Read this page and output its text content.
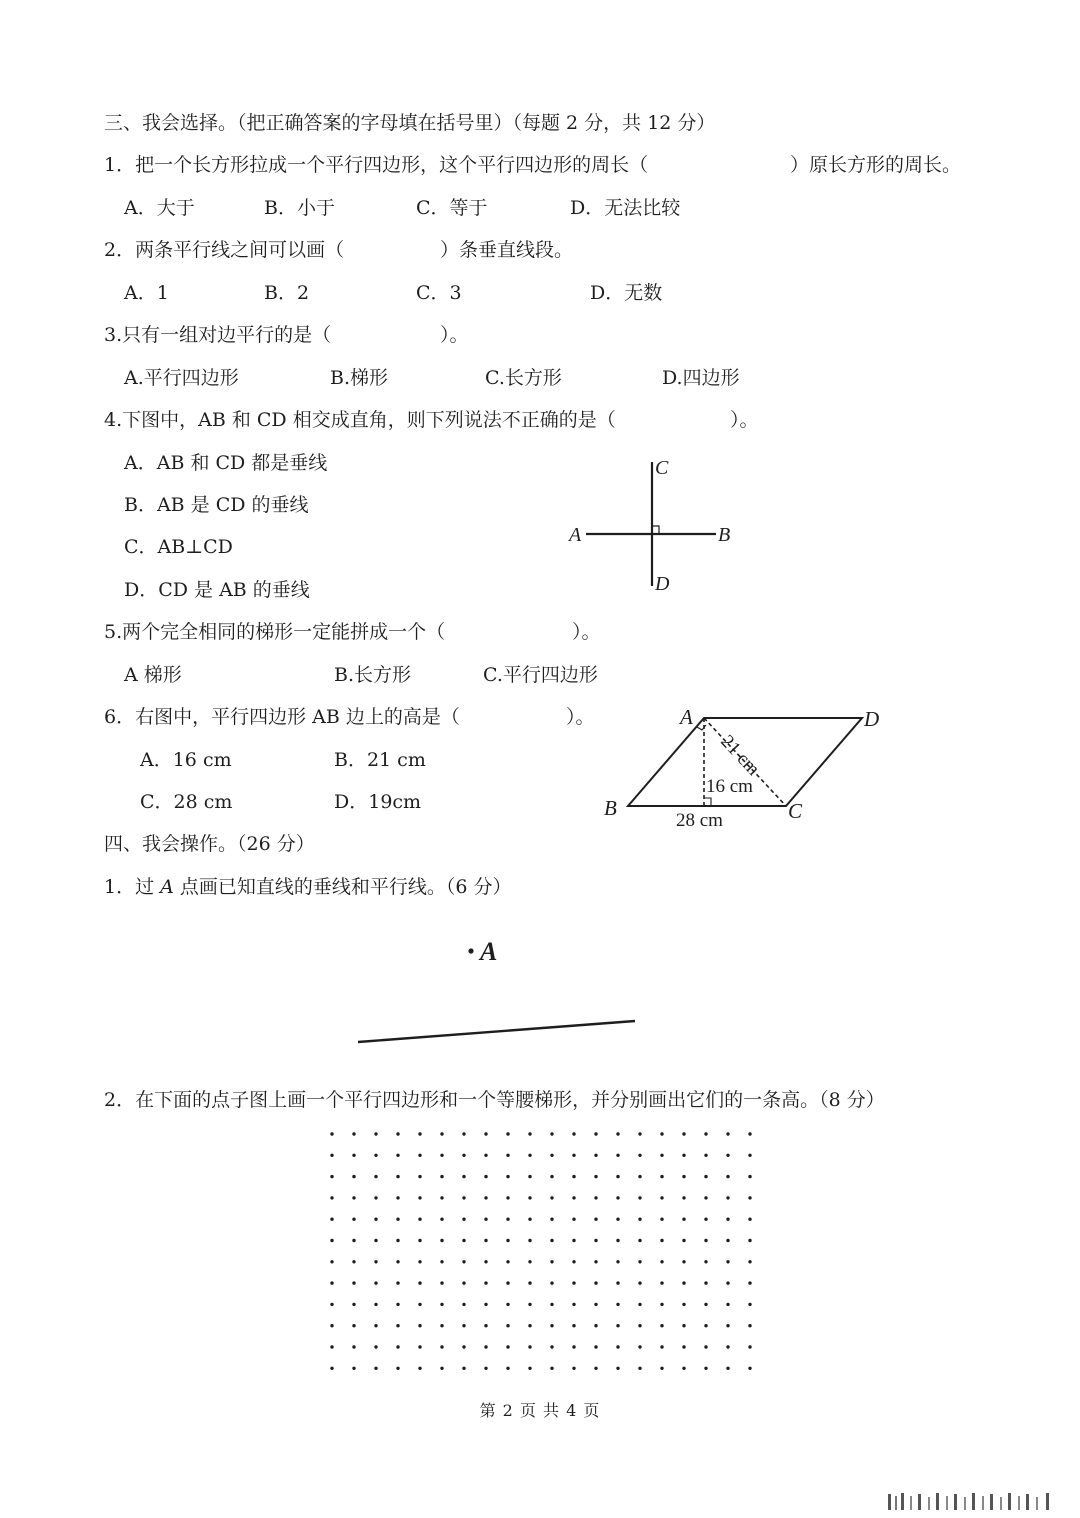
三、我会选择。（把正确答案的字母填在括号里）（每题 2 分，共 12 分）
1．把一个长方形拉成一个平行四边形，这个平行四边形的周长（	）原长方形的周长。
A．大于	B．小于	C．等于	D．无法比较
2．两条平行线之间可以画（	）条垂直线段。
A．1	B．2	C．3	D．无数
3.只有一组对边平行的是（	）。
A.平行四边形	B.梯形	C.长方形	D.四边形
4.下图中，AB 和 CD 相交成直角，则下列说法不正确的是（	）。
A．AB 和 CD 都是垂线
B．AB 是 CD 的垂线
C．AB⊥CD
D．CD 是 AB 的垂线
C
A	B
D
5.两个完全相同的梯形一定能拼成一个（	）。
A 梯形	B.长方形	C.平行四边形
6．右图中，平行四边形 AB 边上的高是（	）。
A．16 cm	B．21 cm
C．28 cm	D．19cm
A	D
B	C
21 cm
16 cm
28 cm
四、我会操作。（26 分）
1．过 A 点画已知直线的垂线和平行线。（6 分）
A
2．在下面的点子图上画一个平行四边形和一个等腰梯形，并分别画出它们的一条高。（8 分）
第 2 页 共 4 页
